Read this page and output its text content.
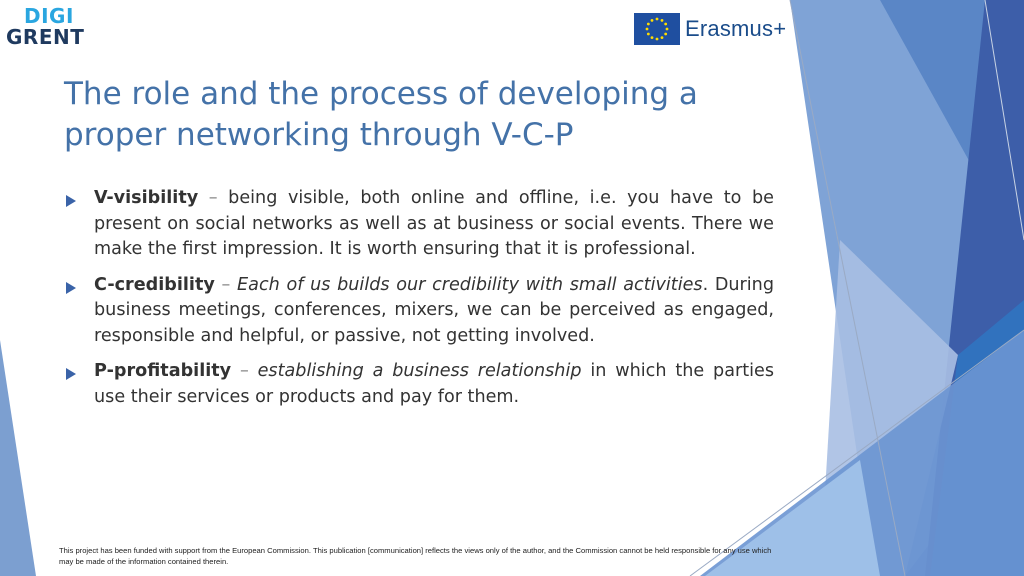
DIGI
GRENT	Erasmus+
The role and the process of developing a proper networking through V-C-P
V-visibility – being visible, both online and offline, i.e. you have to be present on social networks as well as at business or social events. There we make the first impression. It is worth ensuring that it is professional.
C-credibility – Each of us builds our credibility with small activities. During business meetings, conferences, mixers, we can be perceived as engaged, responsible and helpful, or passive, not getting involved.
P-profitability – establishing a business relationship in which the parties use their services or products and pay for them.

This project has been funded with support from the European Commission. This publication [communication] reflects the views only of the author, and the Commission cannot be held responsible for any use which may be made of the information contained therein.
